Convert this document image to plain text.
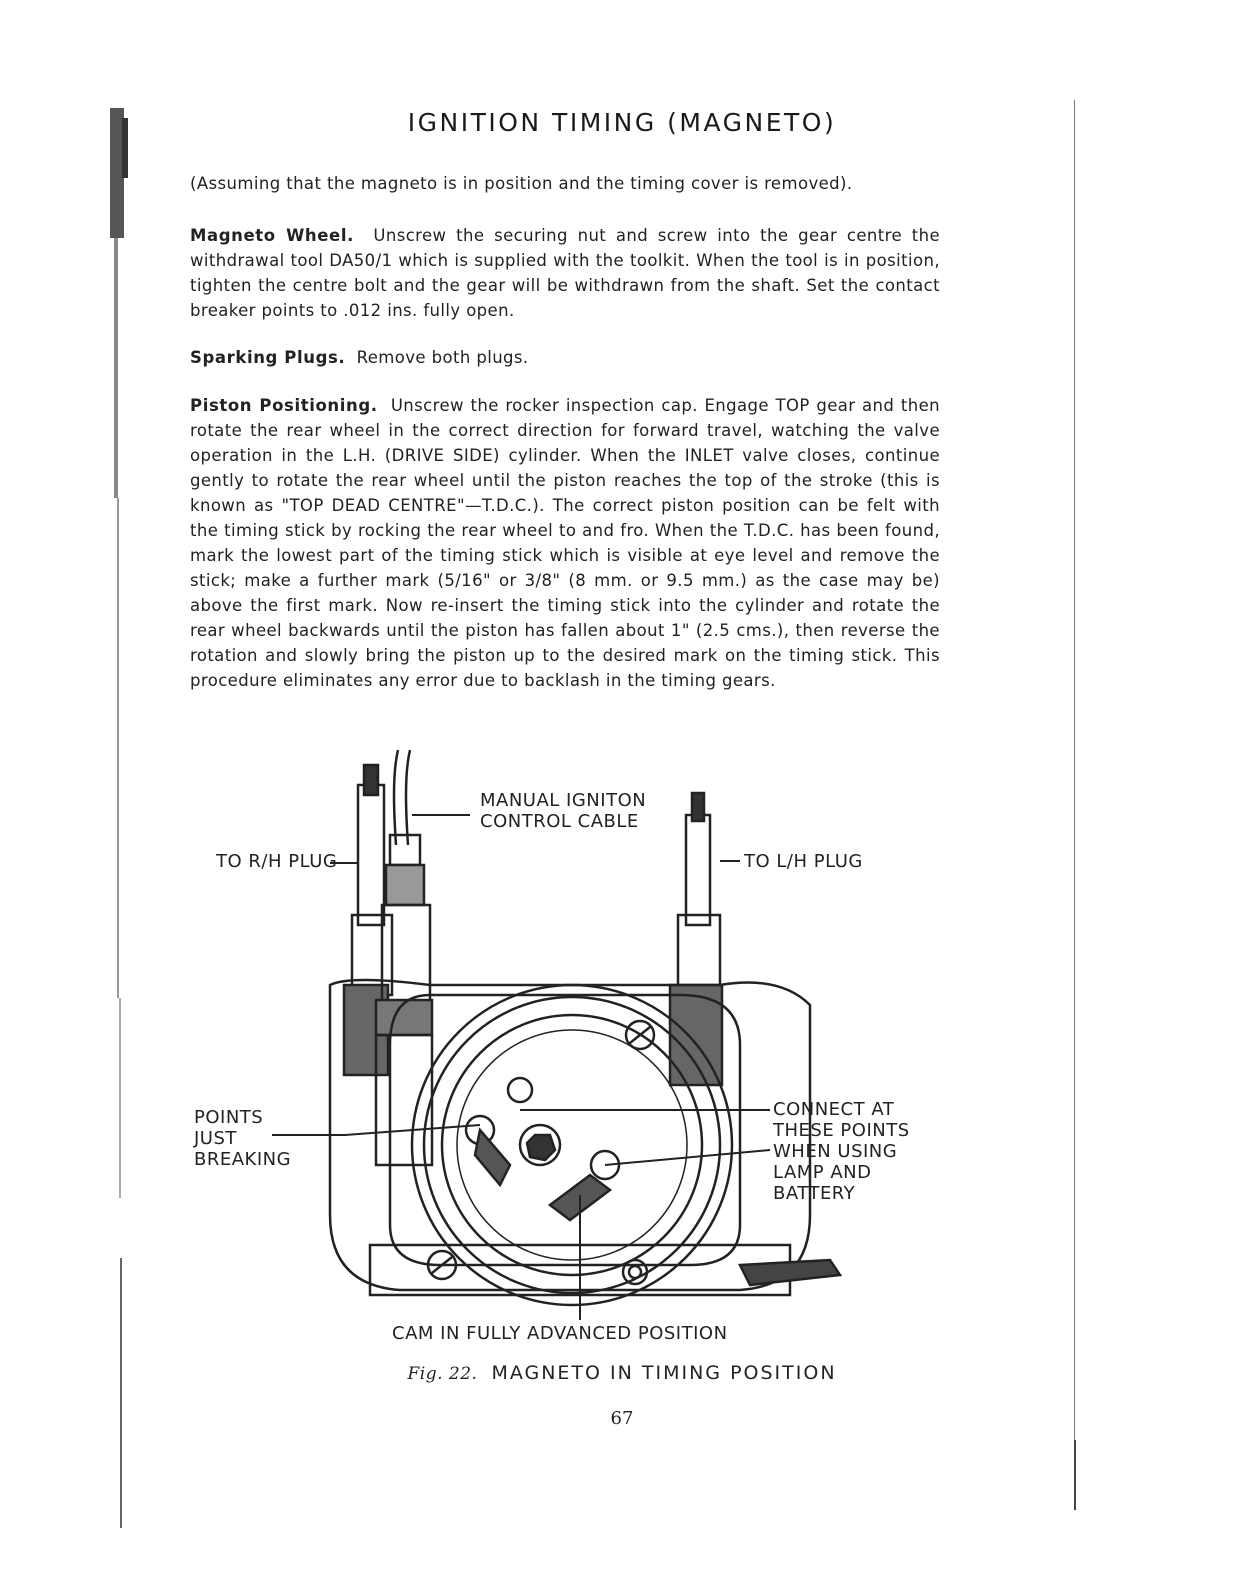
IGNITION TIMING (MAGNETO)
(Assuming that the magneto is in position and the timing cover is removed).
Magneto Wheel. Unscrew the securing nut and screw into the gear centre the withdrawal tool DA50/1 which is supplied with the toolkit. When the tool is in position, tighten the centre bolt and the gear will be withdrawn from the shaft. Set the contact breaker points to .012 ins. fully open.
Sparking Plugs. Remove both plugs.
Piston Positioning. Unscrew the rocker inspection cap. Engage TOP gear and then rotate the rear wheel in the correct direction for forward travel, watching the valve operation in the L.H. (DRIVE SIDE) cylinder. When the INLET valve closes, continue gently to rotate the rear wheel until the piston reaches the top of the stroke (this is known as "TOP DEAD CENTRE"—T.D.C.). The correct piston position can be felt with the timing stick by rocking the rear wheel to and fro. When the T.D.C. has been found, mark the lowest part of the timing stick which is visible at eye level and remove the stick; make a further mark (5/16" or 3/8" (8 mm. or 9.5 mm.) as the case may be) above the first mark. Now re-insert the timing stick into the cylinder and rotate the rear wheel backwards until the piston has fallen about 1" (2.5 cms.), then reverse the rotation and slowly bring the piston up to the desired mark on the timing stick. This procedure eliminates any error due to backlash in the timing gears.
MANUAL IGNITON
CONTROL CABLE
TO R/H PLUG	TO L/H PLUG
POINTS
JUST
BREAKING
CONNECT AT
THESE POINTS
WHEN USING
LAMP AND
BATTERY
CAM IN FULLY ADVANCED POSITION
Fig. 22. MAGNETO IN TIMING POSITION
67
